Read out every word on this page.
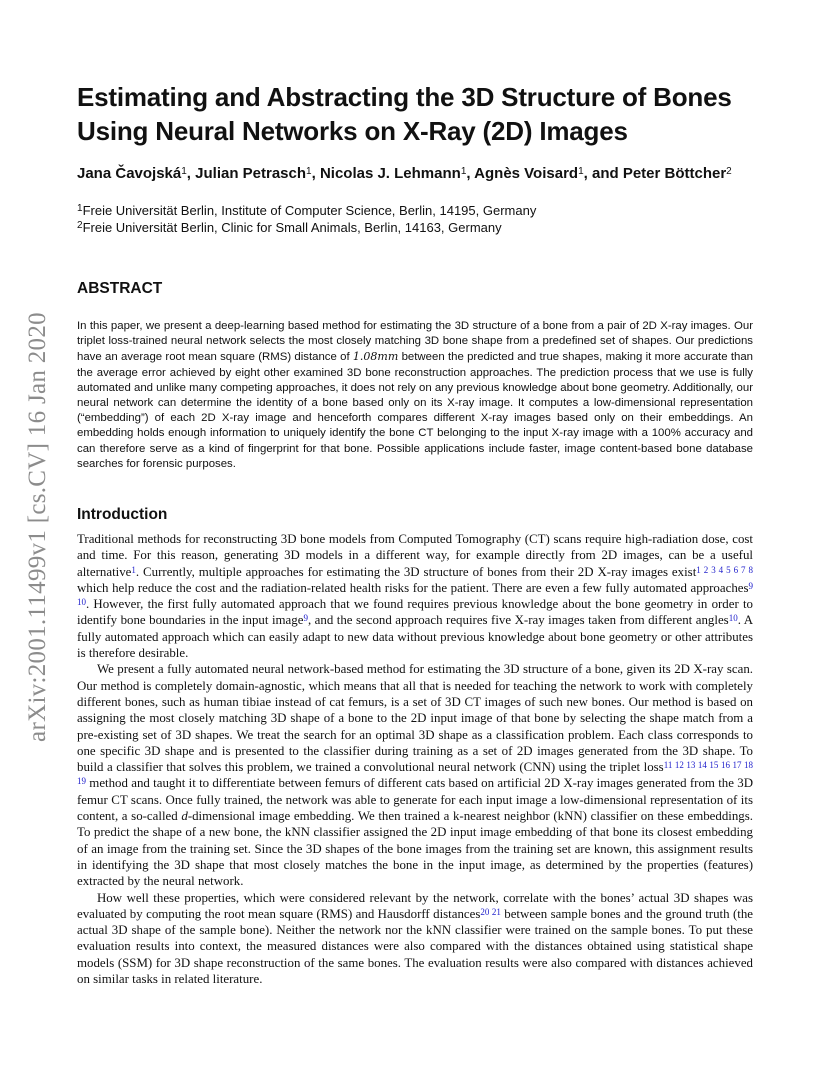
arXiv:2001.11499v1 [cs.CV] 16 Jan 2020
Estimating and Abstracting the 3D Structure of Bones Using Neural Networks on X-Ray (2D) Images
Jana Čavojská$^1$, Julian Petrasch$^1$, Nicolas J. Lehmann$^1$, Agnès Voisard$^1$, and Peter Böttcher$^2$
$^1$Freie Universität Berlin, Institute of Computer Science, Berlin, 14195, Germany
$^2$Freie Universität Berlin, Clinic for Small Animals, Berlin, 14163, Germany
ABSTRACT
In this paper, we present a deep-learning based method for estimating the 3D structure of a bone from a pair of 2D X-ray images. Our triplet loss-trained neural network selects the most closely matching 3D bone shape from a predefined set of shapes. Our predictions have an average root mean square (RMS) distance of 1.08mm between the predicted and true shapes, making it more accurate than the average error achieved by eight other examined 3D bone reconstruction approaches. The prediction process that we use is fully automated and unlike many competing approaches, it does not rely on any previous knowledge about bone geometry. Additionally, our neural network can determine the identity of a bone based only on its X-ray image. It computes a low-dimensional representation (“embedding”) of each 2D X-ray image and henceforth compares different X-ray images based only on their embeddings. An embedding holds enough information to uniquely identify the bone CT belonging to the input X-ray image with a 100% accuracy and can therefore serve as a kind of fingerprint for that bone. Possible applications include faster, image content-based bone database searches for forensic purposes.
Introduction

Traditional methods for reconstructing 3D bone models from Computed Tomography (CT) scans require high-radiation dose, cost and time. For this reason, generating 3D models in a different way, for example directly from 2D images, can be a useful alternative$^1$. Currently, multiple approaches for estimating the 3D structure of bones from their 2D X-ray images exist$^{1 2 3 4 5 6 7 8}$ which help reduce the cost and the radiation-related health risks for the patient. There are even a few fully automated approaches$^{9 10}$. However, the first fully automated approach that we found requires previous knowledge about the bone geometry in order to identify bone boundaries in the input image$^9$, and the second approach requires five X-ray images taken from different angles$^{10}$. A fully automated approach which can easily adapt to new data without previous knowledge about bone geometry or other attributes is therefore desirable.

We present a fully automated neural network-based method for estimating the 3D structure of a bone, given its 2D X-ray scan. Our method is completely domain-agnostic, which means that all that is needed for teaching the network to work with completely different bones, such as human tibiae instead of cat femurs, is a set of 3D CT images of such new bones. Our method is based on assigning the most closely matching 3D shape of a bone to the 2D input image of that bone by selecting the shape match from a pre-existing set of 3D shapes. We treat the search for an optimal 3D shape as a classification problem. Each class corresponds to one specific 3D shape and is presented to the classifier during training as a set of 2D images generated from the 3D shape. To build a classifier that solves this problem, we trained a convolutional neural network (CNN) using the triplet loss$^{11 12 13 14 15 16 17 18 19}$ method and taught it to differentiate between femurs of different cats based on artificial 2D X-ray images generated from the 3D femur CT scans. Once fully trained, the network was able to generate for each input image a low-dimensional representation of its content, a so-called d-dimensional image embedding. We then trained a k-nearest neighbor (kNN) classifier on these embeddings. To predict the shape of a new bone, the kNN classifier assigned the 2D input image embedding of that bone its closest embedding of an image from the training set. Since the 3D shapes of the bone images from the training set are known, this assignment results in identifying the 3D shape that most closely matches the bone in the input image, as determined by the properties (features) extracted by the neural network.

How well these properties, which were considered relevant by the network, correlate with the bones’ actual 3D shapes was evaluated by computing the root mean square (RMS) and Hausdorff distances$^{20 21}$ between sample bones and the ground truth (the actual 3D shape of the sample bone). Neither the network nor the kNN classifier were trained on the sample bones. To put these evaluation results into context, the measured distances were also compared with the distances obtained using statistical shape models (SSM) for 3D shape reconstruction of the same bones. The evaluation results were also compared with distances achieved on similar tasks in related literature.
